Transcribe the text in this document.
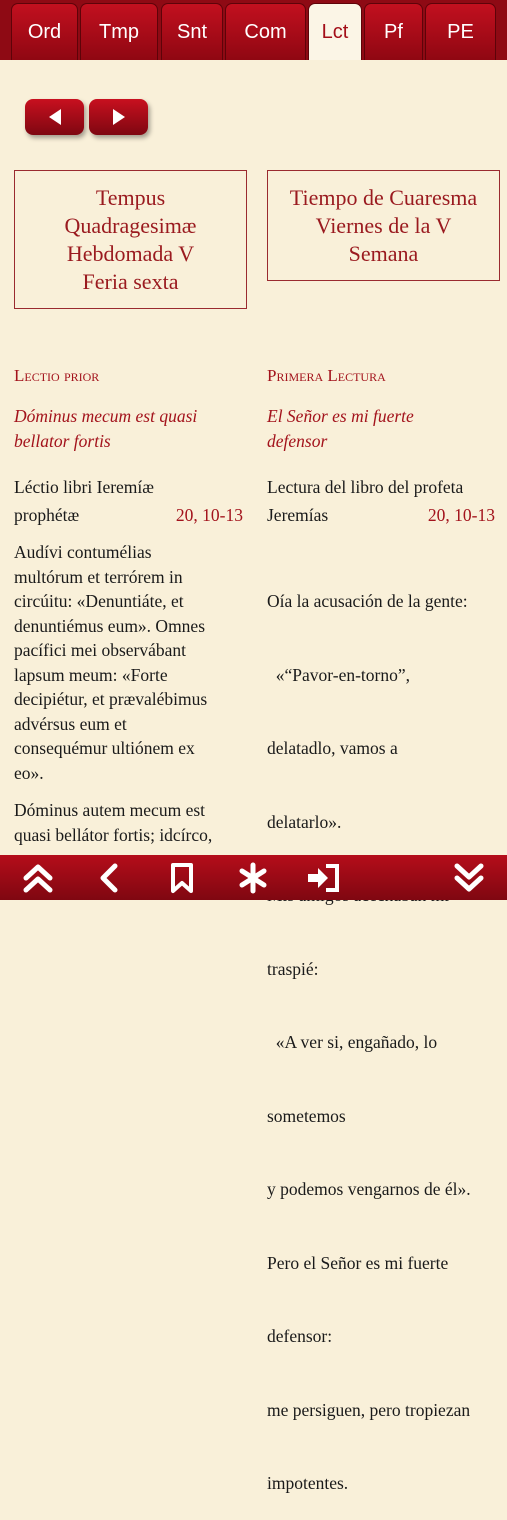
Ord	Tmp	Snt	Com	Lct	Pf	PE
Tempus
Quadragesimæ
Hebdomada V
Feria sexta
Tiempo de Cuaresma
Viernes de la V
Semana

Lectio prior

Dóminus mecum est quasi

bellator fortis

Léctio libri Ieremíæ

prophétæ	20, 10-13

Audívi contumélias

multórum et terrórem in

circúitu: «Denuntiáte, et

denuntiémus eum». Omnes

pacífici mei observábant

lapsum meum: «Forte

decipiétur, et prævalébimus

advérsus eum et

consequémur ultiónem ex

eo».

Dóminus autem mecum est

quasi bellátor fortis; idcírco,

Primera Lectura

El Señor es mi fuerte

defensor

Lectura del libro del profeta

Jeremías	20, 10-13

Oía la acusación de la gente:

«“Pavor-en-torno”,

delatadlo, vamos a

delatarlo».

traspié:

«A ver si, engañado, lo

sometemos

y podemos vengarnos de él».

Pero el Señor es mi fuerte

defensor:

me persiguen, pero tropiezan

impotentes.
